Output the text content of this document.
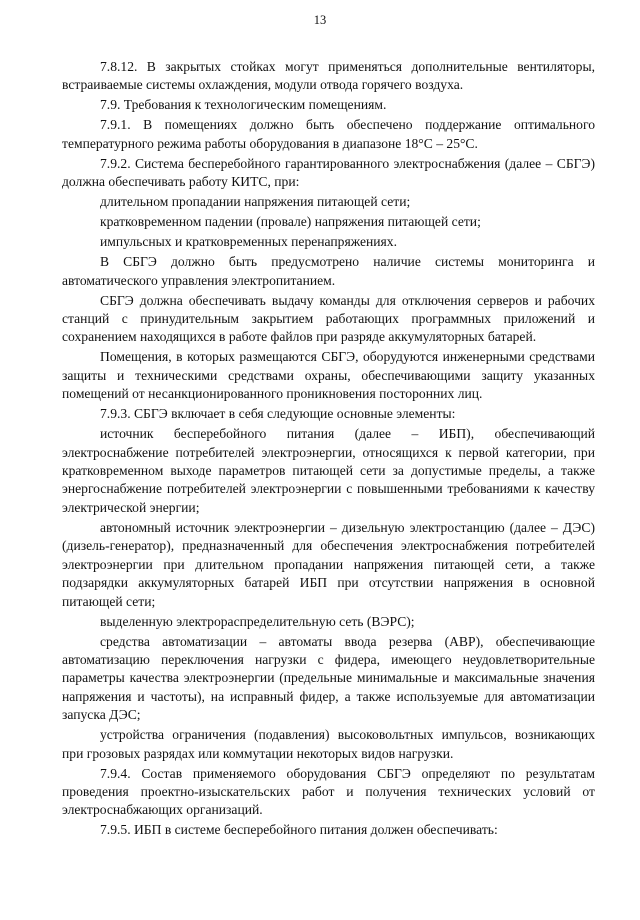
13

7.8.12. В закрытых стойках могут применяться дополнительные вентиляторы, встраиваемые системы охлаждения, модули отвода горячего воздуха.

7.9. Требования к технологическим помещениям.

7.9.1. В помещениях должно быть обеспечено поддержание оптимального температурного режима работы оборудования в диапазоне 18°С – 25°С.

7.9.2. Система бесперебойного гарантированного электроснабжения (далее – СБГЭ) должна обеспечивать работу КИТС, при:

длительном пропадании напряжения питающей сети;

кратковременном падении (провале) напряжения питающей сети;

импульсных и кратковременных перенапряжениях.

В СБГЭ должно быть предусмотрено наличие системы мониторинга и автоматического управления электропитанием.

СБГЭ должна обеспечивать выдачу команды для отключения серверов и рабочих станций с принудительным закрытием работающих программных приложений и сохранением находящихся в работе файлов при разряде аккумуляторных батарей.

Помещения, в которых размещаются СБГЭ, оборудуются инженерными средствами защиты и техническими средствами охраны, обеспечивающими защиту указанных помещений от несанкционированного проникновения посторонних лиц.

7.9.3. СБГЭ включает в себя следующие основные элементы:

источник бесперебойного питания (далее – ИБП), обеспечивающий электроснабжение потребителей электроэнергии, относящихся к первой категории, при кратковременном выходе параметров питающей сети за допустимые пределы, а также энергоснабжение потребителей электроэнергии с повышенными требованиями к качеству электрической энергии;

автономный источник электроэнергии – дизельную электростанцию (далее – ДЭС) (дизель-генератор), предназначенный для обеспечения электроснабжения потребителей электроэнергии при длительном пропадании напряжения питающей сети, а также подзарядки аккумуляторных батарей ИБП при отсутствии напряжения в основной питающей сети;

выделенную электрораспределительную сеть (ВЭРС);

средства автоматизации – автоматы ввода резерва (АВР), обеспечивающие автоматизацию переключения нагрузки с фидера, имеющего неудовлетворительные параметры качества электроэнергии (предельные минимальные и максимальные значения напряжения и частоты), на исправный фидер, а также используемые для автоматизации запуска ДЭС;

устройства ограничения (подавления) высоковольтных импульсов, возникающих при грозовых разрядах или коммутации некоторых видов нагрузки.

7.9.4. Состав применяемого оборудования СБГЭ определяют по результатам проведения проектно-изыскательских работ и получения технических условий от электроснабжающих организаций.

7.9.5. ИБП в системе бесперебойного питания должен обеспечивать:
